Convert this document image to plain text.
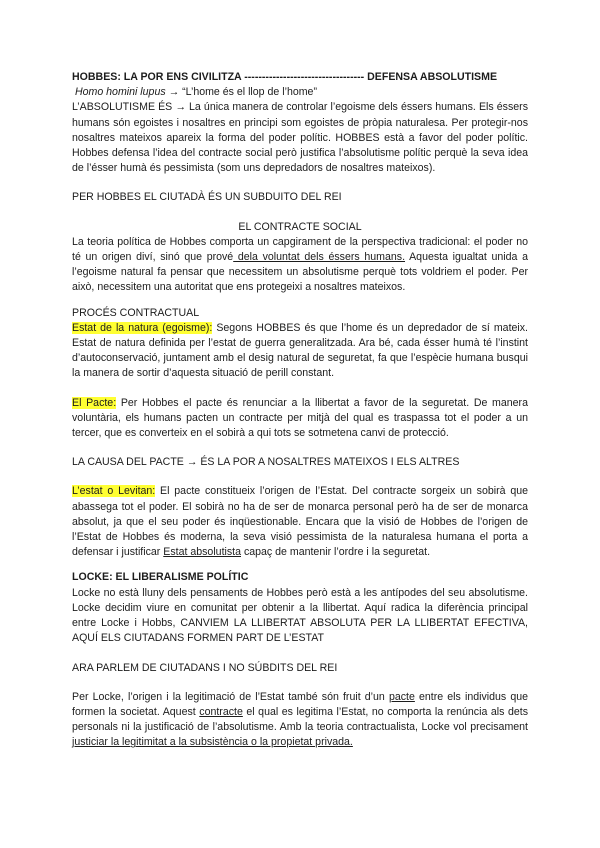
HOBBES: LA POR ENS CIVILITZA ---------------------------------- DEFENSA ABSOLUTISME

Homo homini lupus → “L’home és el llop de l’home”

L’ABSOLUTISME ÉS → La única manera de controlar l’egoisme dels éssers humans. Els éssers humans són egoistes i nosaltres en principi som egoistes de pròpia naturalesa. Per protegir-nos nosaltres mateixos apareix la forma del poder polític. HOBBES està a favor del poder polític. Hobbes defensa l’idea del contracte social però justifica l’absolutisme polític perquè la seva idea de l’ésser humà és pessimista (som uns depredadors de nosaltres mateixos).

PER HOBBES EL CIUTADÀ ÉS UN SUBDUITO DEL REI

EL CONTRACTE SOCIAL

La teoria política de Hobbes comporta un capgirament de la perspectiva tradicional: el poder no té un origen diví, sinó que prové dela voluntat dels éssers humans. Aquesta igualtat unida a l’egoisme natural fa pensar que necessitem un absolutisme perquè tots voldriem el poder. Per això, necessitem una autoritat que ens protegeixi a nosaltres mateixos.

PROCÉS CONTRACTUAL

Estat de la natura (egoisme): Segons HOBBES és que l’home és un depredador de sí mateix. Estat de natura definida per l’estat de guerra generalitzada. Ara bé, cada ésser humà té l’instint d’autoconservació, juntament amb el desig natural de seguretat, fa que l’espècie humana busqui la manera de sortir d’aquesta situació de perill constant.

El Pacte: Per Hobbes el pacte és renunciar a la llibertat a favor de la seguretat. De manera voluntària, els humans pacten un contracte per mitjà del qual es traspassa tot el poder a un tercer, que es converteix en el sobirà a qui tots se sotmetena canvi de protecció.

LA CAUSA DEL PACTE → ÉS LA POR A NOSALTRES MATEIXOS I ELS ALTRES

L’estat o Levitan: El pacte constitueix l’origen de l’Estat. Del contracte sorgeix un sobirà que abassega tot el poder. El sobirà no ha de ser de monarca personal però ha de ser de monarca absolut, ja que el seu poder és inqüestionable. Encara que la visió de Hobbes de l’origen de l’Estat de Hobbes és moderna, la seva visió pessimista de la naturalesa humana el porta a defensar i justificar Estat absolutista capaç de mantenir l’ordre i la seguretat.

LOCKE: EL LIBERALISME POLÍTIC

Locke no està lluny dels pensaments de Hobbes però està a les antípodes del seu absolutisme. Locke decidim viure en comunitat per obtenir a la llibertat. Aquí radica la diferència principal entre Locke i Hobbs, CANVIEM LA LLIBERTAT ABSOLUTA PER LA LLIBERTAT EFECTIVA, AQUÍ ELS CIUTADANS FORMEN PART DE L’ESTAT

ARA PARLEM DE CIUTADANS I NO SÚBDITS DEL REI

Per Locke, l’origen i la legitimació de l’Estat també són fruit d’un pacte entre els individus que formen la societat. Aquest contracte el qual es legitima l’Estat, no comporta la renúncia als dets personals ni la justificació de l’absolutisme. Amb la teoria contractualista, Locke vol precisament justiciar la legitimitat a la subsistència o la propietat privada.
